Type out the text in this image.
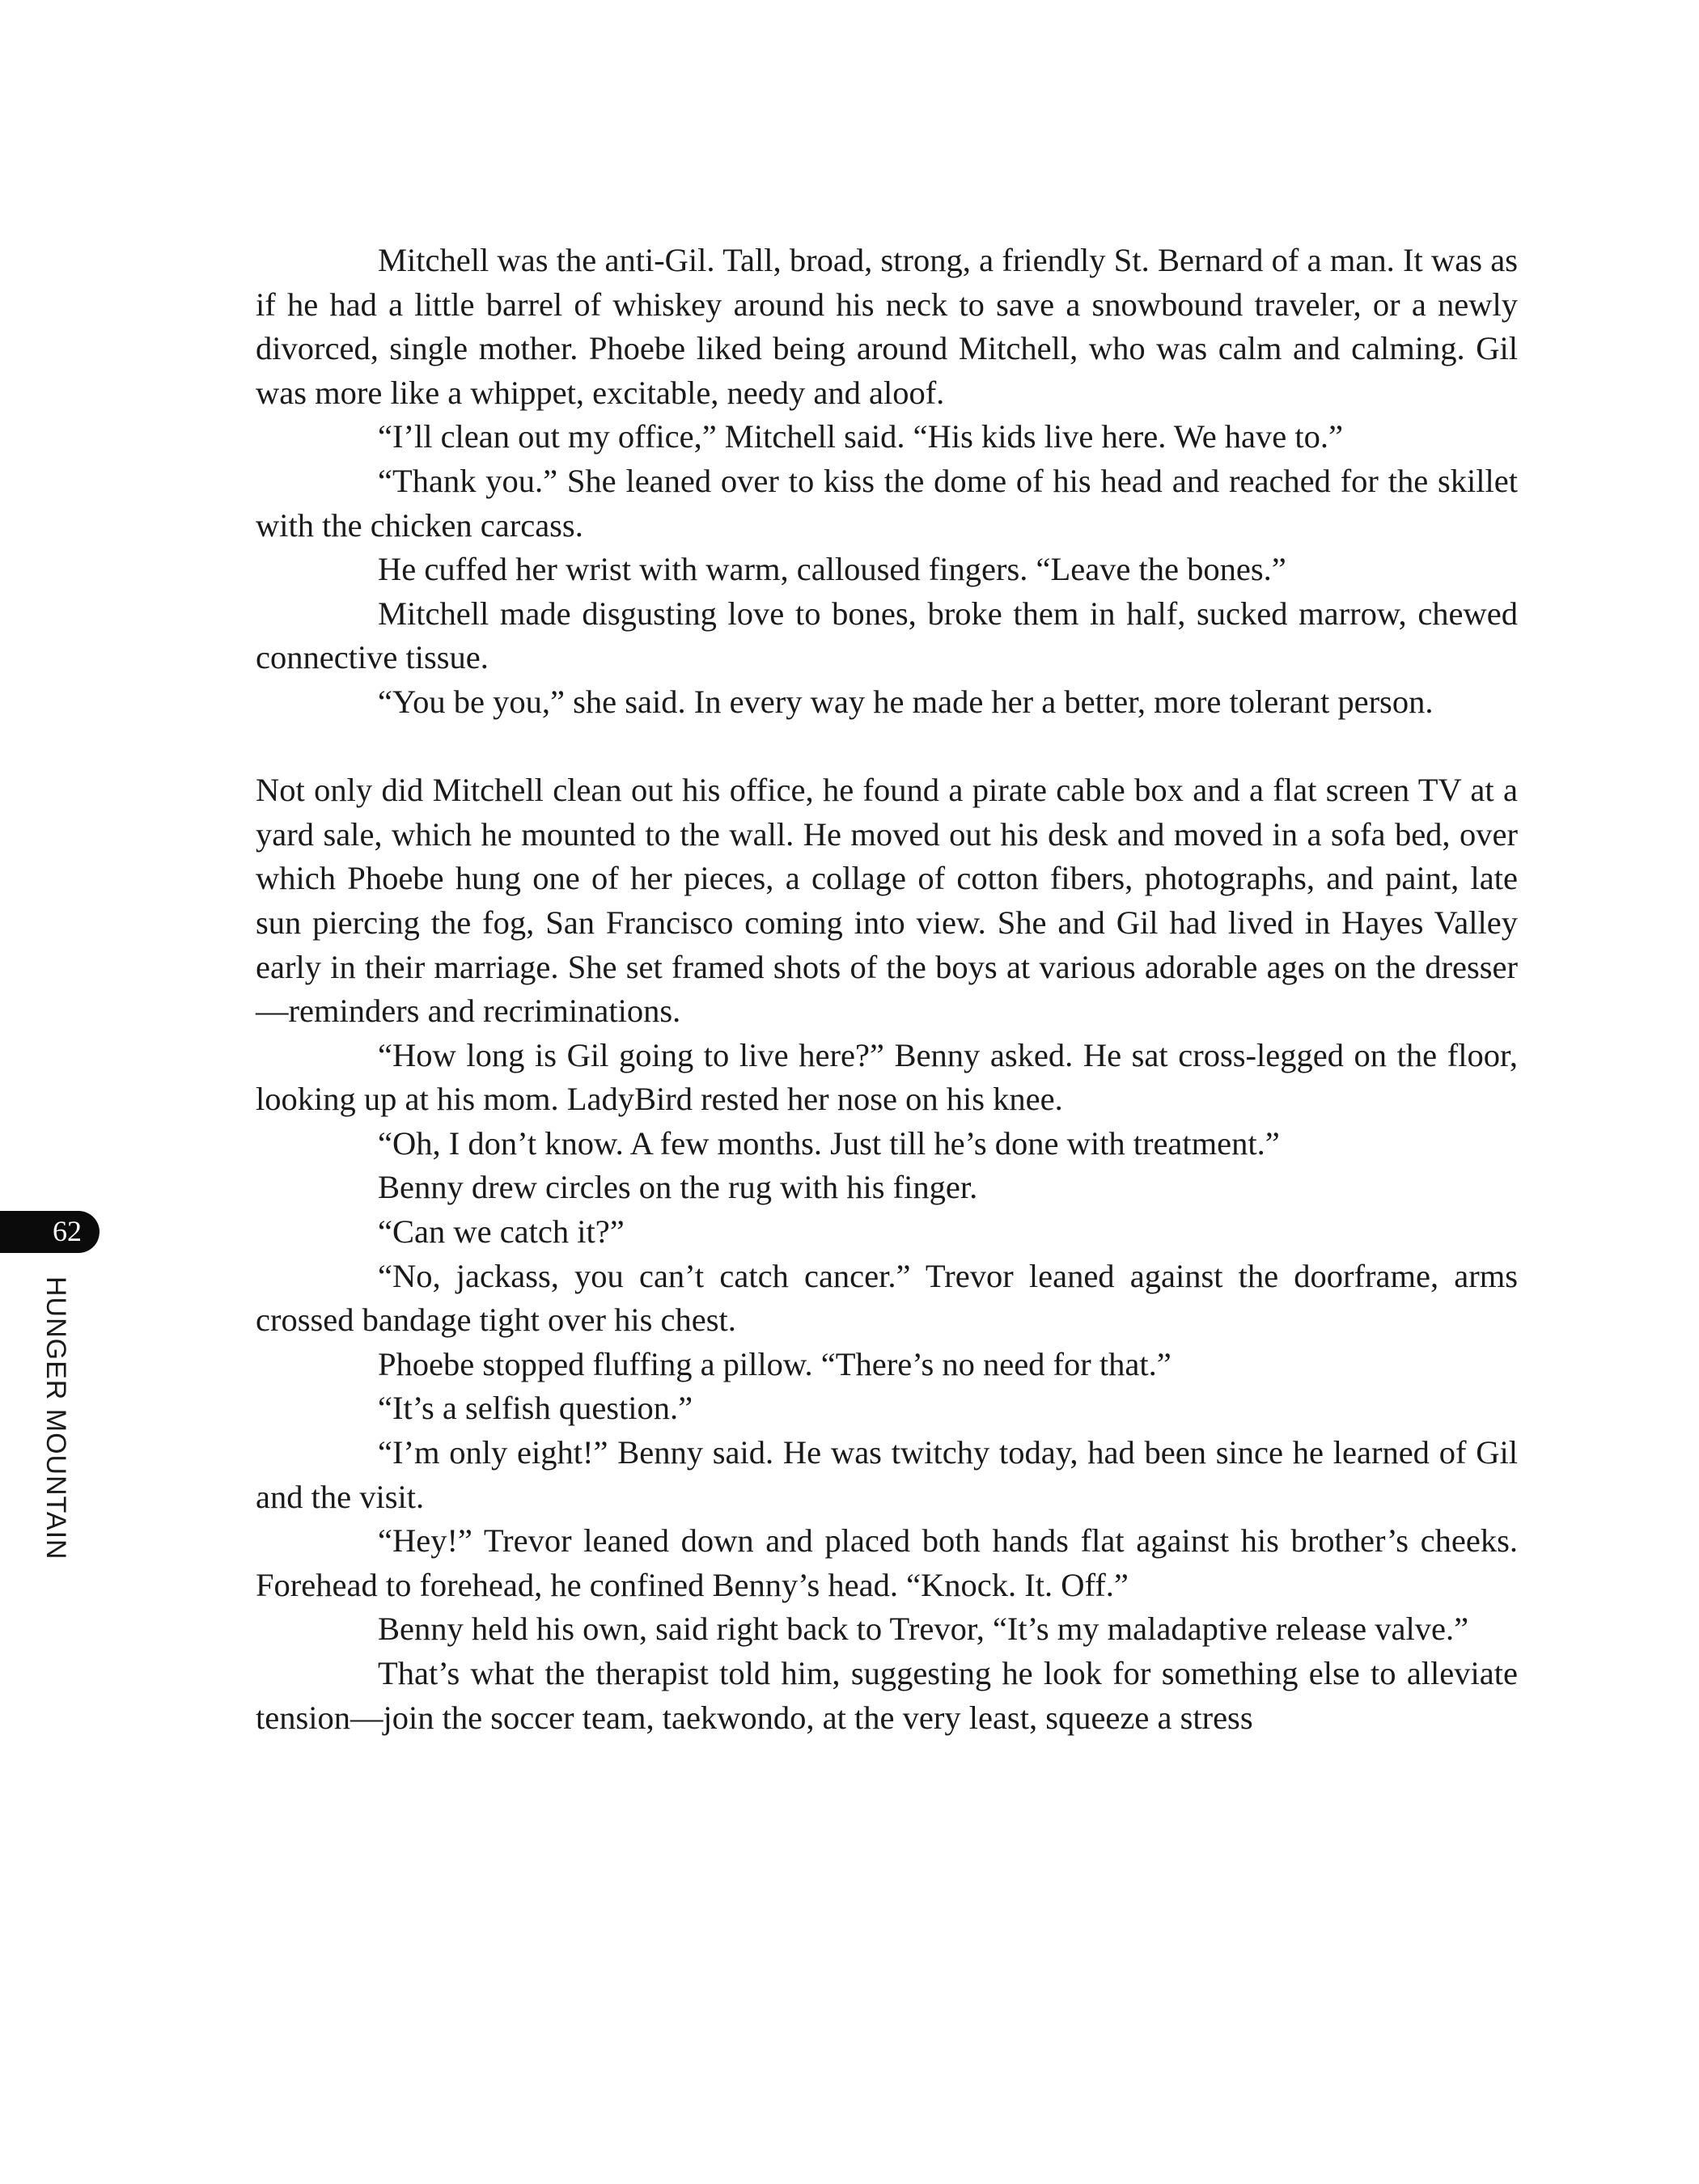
Mitchell was the anti-Gil. Tall, broad, strong, a friendly St. Bernard of a man. It was as if he had a little barrel of whiskey around his neck to save a snowbound traveler, or a newly divorced, single mother. Phoebe liked being around Mitchell, who was calm and calming. Gil was more like a whippet, excitable, needy and aloof.

“I’ll clean out my office,” Mitchell said. “His kids live here. We have to.”

“Thank you.” She leaned over to kiss the dome of his head and reached for the skillet with the chicken carcass.

He cuffed her wrist with warm, calloused fingers. “Leave the bones.”

Mitchell made disgusting love to bones, broke them in half, sucked marrow, chewed connective tissue.

“You be you,” she said. In every way he made her a better, more tolerant person.

Not only did Mitchell clean out his office, he found a pirate cable box and a flat screen TV at a yard sale, which he mounted to the wall. He moved out his desk and moved in a sofa bed, over which Phoebe hung one of her pieces, a collage of cotton fibers, photographs, and paint, late sun piercing the fog, San Francisco coming into view. She and Gil had lived in Hayes Valley early in their marriage. She set framed shots of the boys at various adorable ages on the dresser—reminders and recriminations.

“How long is Gil going to live here?” Benny asked. He sat cross-legged on the floor, looking up at his mom. LadyBird rested her nose on his knee.

“Oh, I don’t know. A few months. Just till he’s done with treatment.”

Benny drew circles on the rug with his finger.

“Can we catch it?”

“No, jackass, you can’t catch cancer.” Trevor leaned against the doorframe, arms crossed bandage tight over his chest.

Phoebe stopped fluffing a pillow. “There’s no need for that.”

“It’s a selfish question.”

“I’m only eight!” Benny said. He was twitchy today, had been since he learned of Gil and the visit.

“Hey!” Trevor leaned down and placed both hands flat against his brother’s cheeks. Forehead to forehead, he confined Benny’s head. “Knock. It. Off.”

Benny held his own, said right back to Trevor, “It’s my maladaptive release valve.”

That’s what the therapist told him, suggesting he look for something else to alleviate tension—join the soccer team, taekwondo, at the very least, squeeze a stress

62
HUNGER MOUNTAIN
